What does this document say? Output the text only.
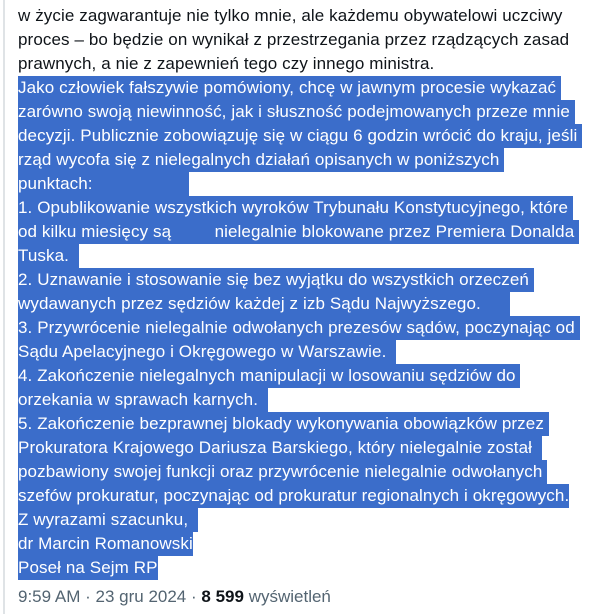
w życie zagwarantuje nie tylko mnie, ale każdemu obywatelowi uczciwy
proces – bo będzie on wynikał z przestrzegania przez rządzących zasad
prawnych, a nie z zapewnień tego czy innego ministra.
Jako człowiek fałszywie pomówiony, chcę w jawnym procesie wykazać
zarówno swoją niewinność, jak i słuszność podejmowanych przeze mnie
decyzji. Publicznie zobowiązuję się w ciągu 6 godzin wrócić do kraju, jeśli
rząd wycofa się z nielegalnych działań opisanych w poniższych
punktach:
1. Opublikowanie wszystkich wyroków Trybunału Konstytucyjnego, które
od kilku miesięcy są         nielegalnie blokowane przez Premiera Donalda
Tuska.
2. Uznawanie i stosowanie się bez wyjątku do wszystkich orzeczeń
wydawanych przez sędziów każdej z izb Sądu Najwyższego.
3. Przywrócenie nielegalnie odwołanych prezesów sądów, poczynając od
Sądu Apelacyjnego i Okręgowego w Warszawie.
4. Zakończenie nielegalnych manipulacji w losowaniu sędziów do
orzekania w sprawach karnych.
5. Zakończenie bezprawnej blokady wykonywania obowiązków przez
Prokuratora Krajowego Dariusza Barskiego, który nielegalnie został
pozbawiony swojej funkcji oraz przywrócenie nielegalnie odwołanych
szefów prokuratur, poczynając od prokuratur regionalnych i okręgowych.
Z wyrazami szacunku,
dr Marcin Romanowski
Poseł na Sejm RP
9:59 AM · 23 gru 2024 · 8 599 wyświetleń
